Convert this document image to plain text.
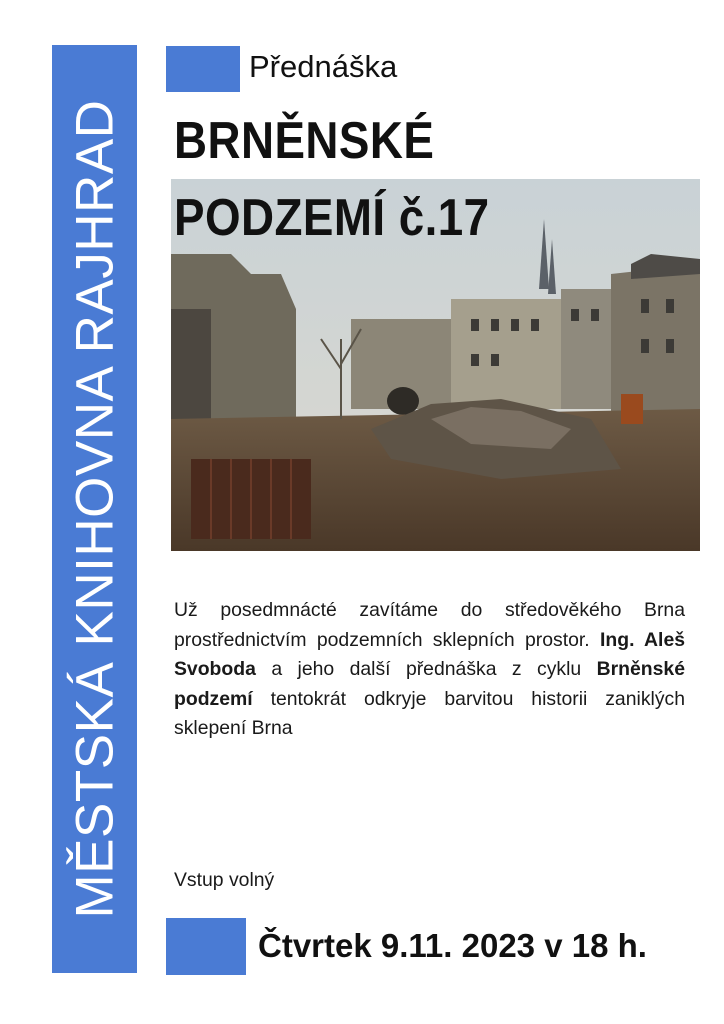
MĚSTSKÁ KNIHOVNA RAJHRAD
Přednáška
BRNĚNSKÉ
PODZEMÍ č.17

Už posedmnácté zavítáme do středověkého Brna prostřednictvím podzemních sklepních prostor. Ing. Aleš Svoboda a jeho další přednáška z cyklu Brněnské podzemí tentokrát odkryje barvitou historii zaniklých sklepení Brna

Vstup volný
Čtvrtek 9.11. 2023 v 18 h.
